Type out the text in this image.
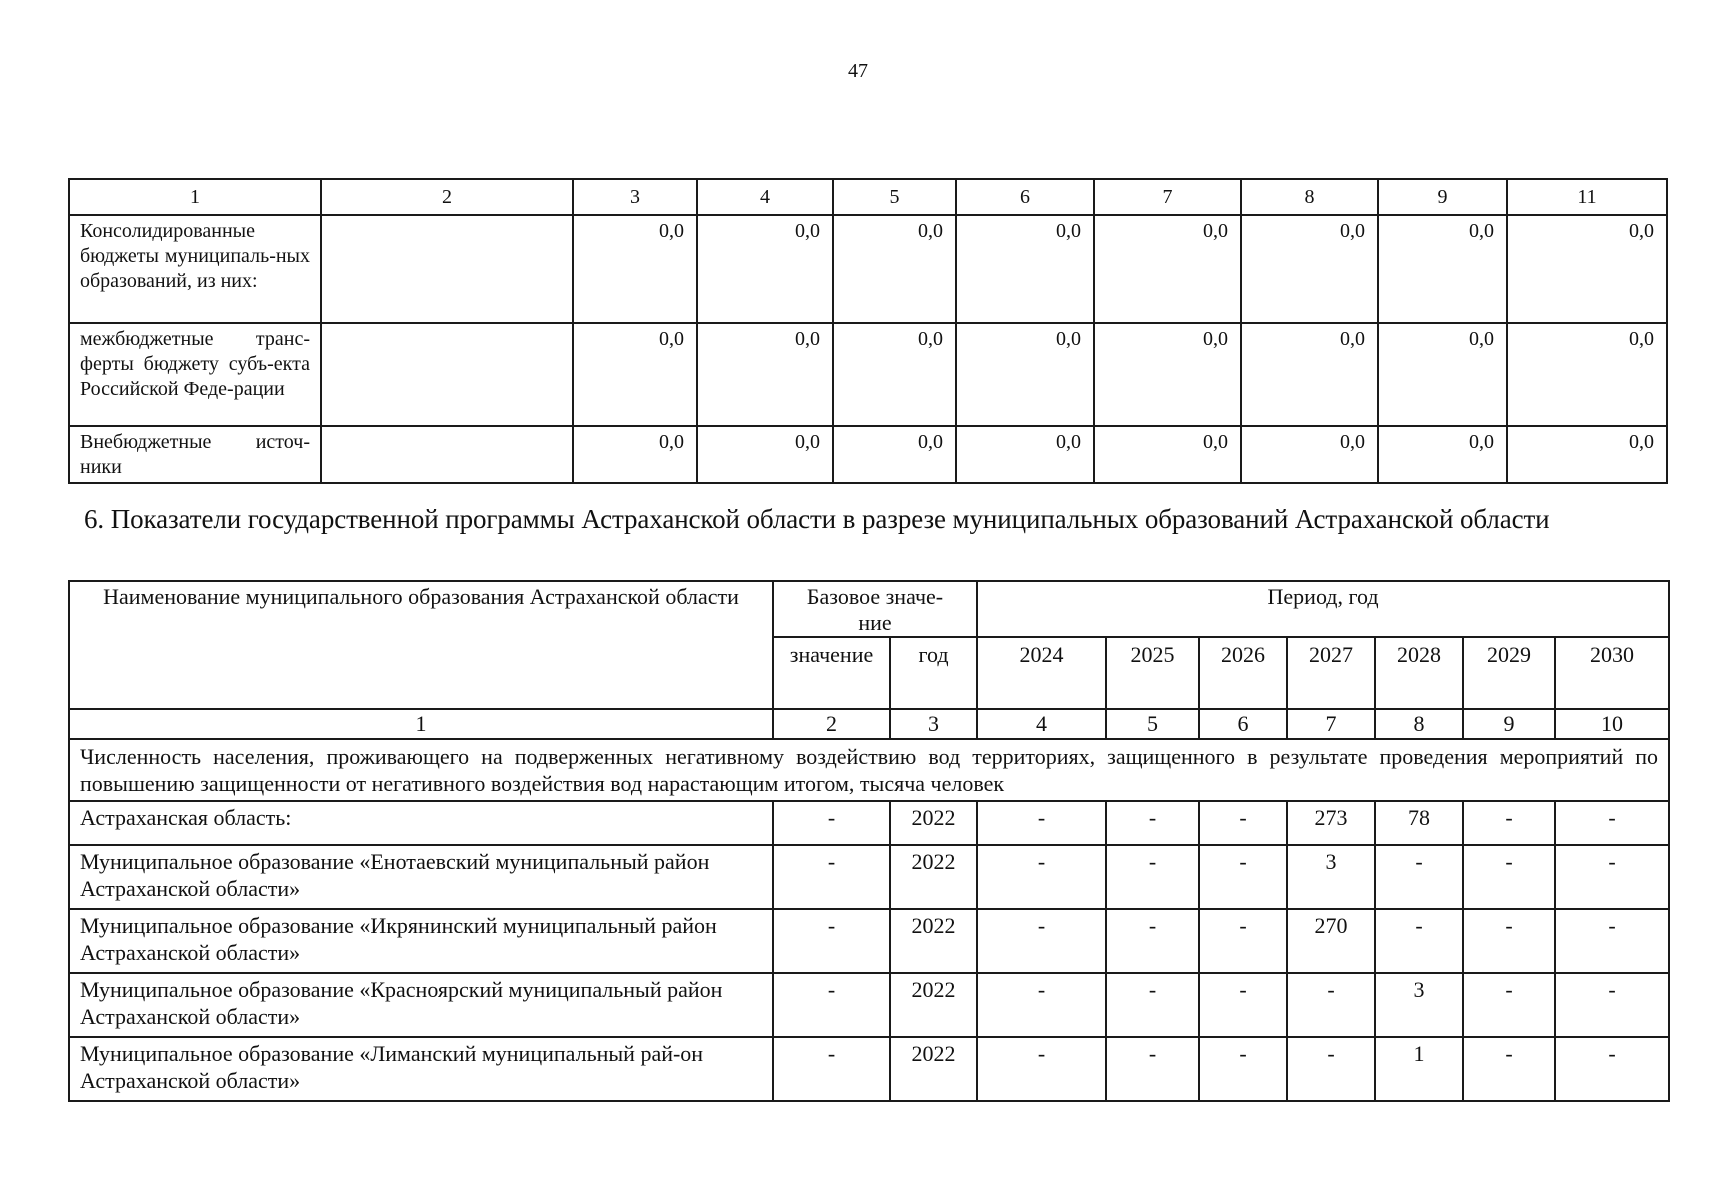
47
1	2	3	4	5	6	7	8	9	11
Консолидированные бюджеты муниципаль-ных образований, из них:		0,0	0,0	0,0	0,0	0,0	0,0	0,0	0,0
межбюджетные транс-ферты бюджету субъ-екта Российской Феде-рации		0,0	0,0	0,0	0,0	0,0	0,0	0,0	0,0
Внебюджетные источ-ники		0,0	0,0	0,0	0,0	0,0	0,0	0,0	0,0
6. Показатели государственной программы Астраханской области в разрезе муниципальных образований Астраханской области
Наименование муниципального образования Астраханской области	Базовое значе-ние		Период, год						
	значение	год	2024	2025	2026	2027	2028	2029	2030
1	2	3	4	5	6	7	8	9	10
Численность населения, проживающего на подверженных негативному воздействию вод территориях, защищенного в результате проведения мероприятий по повышению защищенности от негативного воздействия вод нарастающим итогом, тысяча человек									
Астраханская область:	-	2022	-	-	-	273	78	-	-
Муниципальное образование «Енотаевский муниципальный район Астраханской области»	-	2022	-	-	-	3	-	-	-
Муниципальное образование «Икрянинский муниципальный район Астраханской области»	-	2022	-	-	-	270	-	-	-
Муниципальное образование «Красноярский муниципальный район Астраханской области»	-	2022	-	-	-	-	3	-	-
Муниципальное образование «Лиманский муниципальный рай-он Астраханской области»	-	2022	-	-	-	-	1	-	-
